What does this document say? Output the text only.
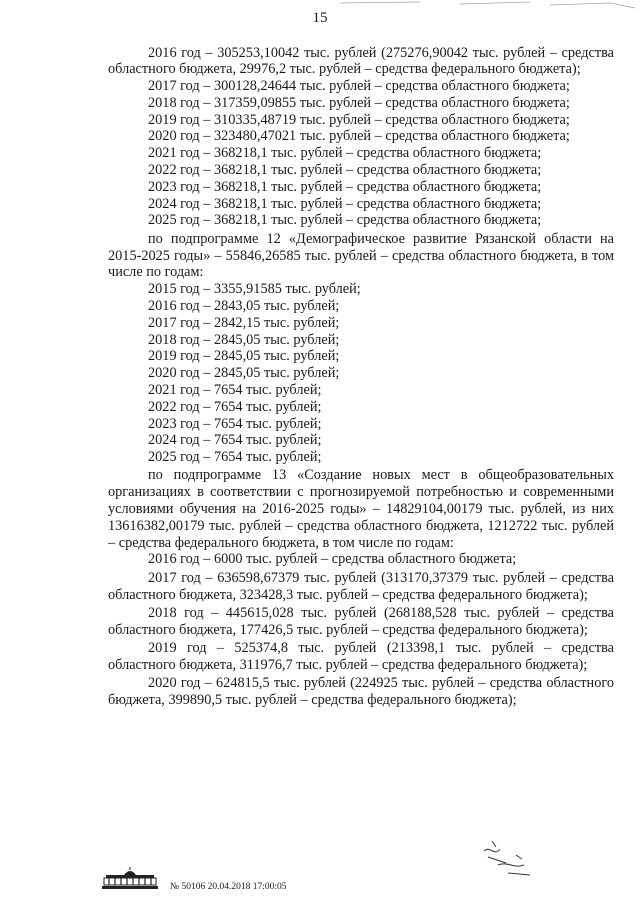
15

2016 год – 305253,10042 тыс. рублей (275276,90042 тыс. рублей – средства областного бюджета, 29976,2 тыс. рублей – средства федерального бюджета);

2017 год – 300128,24644 тыс. рублей – средства областного бюджета;

2018 год – 317359,09855 тыс. рублей – средства областного бюджета;

2019 год – 310335,48719 тыс. рублей – средства областного бюджета;

2020 год – 323480,47021 тыс. рублей – средства областного бюджета;

2021 год – 368218,1 тыс. рублей – средства областного бюджета;

2022 год – 368218,1 тыс. рублей – средства областного бюджета;

2023 год – 368218,1 тыс. рублей – средства областного бюджета;

2024 год – 368218,1 тыс. рублей – средства областного бюджета;

2025 год – 368218,1 тыс. рублей – средства областного бюджета;

по подпрограмме 12 «Демографическое развитие Рязанской области на 2015-2025 годы» – 55846,26585 тыс. рублей – средства областного бюджета, в том числе по годам:

2015 год – 3355,91585 тыс. рублей;

2016 год – 2843,05 тыс. рублей;

2017 год – 2842,15 тыс. рублей;

2018 год – 2845,05 тыс. рублей;

2019 год – 2845,05 тыс. рублей;

2020 год – 2845,05 тыс. рублей;

2021 год – 7654 тыс. рублей;

2022 год – 7654 тыс. рублей;

2023 год – 7654 тыс. рублей;

2024 год – 7654 тыс. рублей;

2025 год – 7654 тыс. рублей;

по подпрограмме 13 «Создание новых мест в общеобразовательных организациях в соответствии с прогнозируемой потребностью и современными условиями обучения на 2016-2025 годы» – 14829104,00179 тыс. рублей, из них 13616382,00179 тыс. рублей – средства областного бюджета, 1212722 тыс. рублей – средства федерального бюджета, в том числе по годам:

2016 год – 6000 тыс. рублей – средства областного бюджета;

2017 год – 636598,67379 тыс. рублей (313170,37379 тыс. рублей – средства областного бюджета, 323428,3 тыс. рублей – средства федерального бюджета);

2018 год – 445615,028 тыс. рублей (268188,528 тыс. рублей – средства областного бюджета, 177426,5 тыс. рублей – средства федерального бюджета);

2019 год – 525374,8 тыс. рублей (213398,1 тыс. рублей – средства областного бюджета, 311976,7 тыс. рублей – средства федерального бюджета);

2020 год – 624815,5 тыс. рублей (224925 тыс. рублей – средства областного бюджета, 399890,5 тыс. рублей – средства федерального бюджета);

№ 50106 20.04.2018 17:00:05
